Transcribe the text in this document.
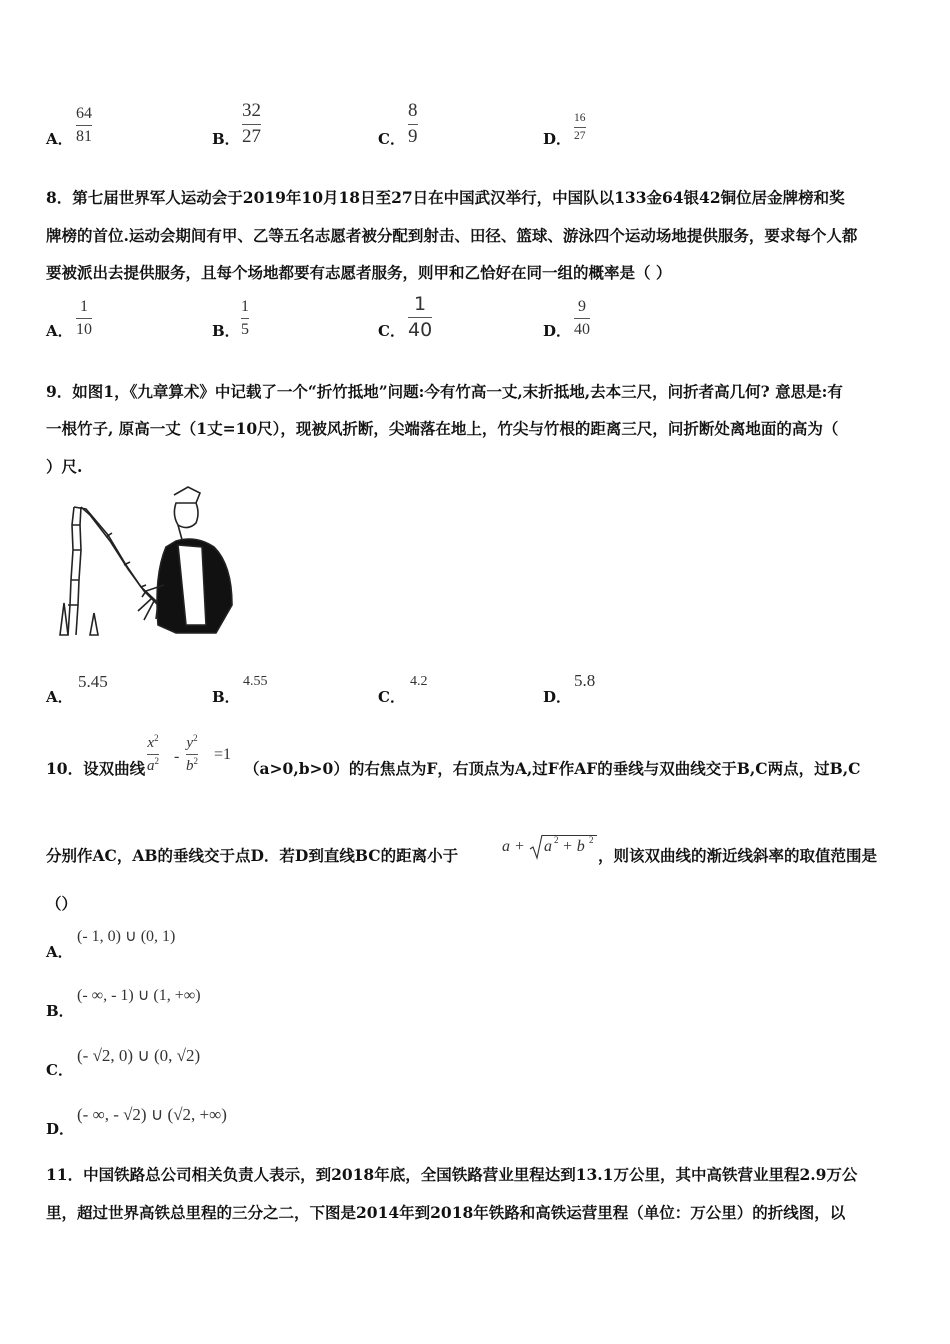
A．
64
81	B．
32
27	C．
8
9	D．
16
27
8．第七届世界军人运动会于2019年10月18日至27日在中国武汉举行，中国队以133金64银42铜位居金牌榜和奖
牌榜的首位.运动会期间有甲、乙等五名志愿者被分配到射击、田径、篮球、游泳四个运动场地提供服务，要求每个人都
要被派出去提供服务，且每个场地都要有志愿者服务，则甲和乙恰好在同一组的概率是（ ）
A．
1
10	B．
1
5	C．
1
40	D．
9
40
9．如图1，《九章算术》中记载了一个“折竹抵地”问题:今有竹高一丈,末折抵地,去本三尺，问折者高几何? 意思是:有
一根竹子, 原高一丈（1丈=10尺），现被风折断，尖端落在地上，竹尖与竹根的距离三尺，问折断处离地面的高为（
）尺.
A．
5.45
B．
4.55
C．
4.2
D．
5.8
10．设双曲线
$x^2$
$a^2$ -
$y^2$
$b^2 =1$
（a>0,b>0）的右焦点为F，右顶点为A,过F作AF的垂线与双曲线交于B,C两点，过B,C
分别作AC，AB的垂线交于点D．若D到直线BC的距离小于	a + a 2 + b 2
，则该双曲线的渐近线斜率的取值范围是
（）
A．
(- 1, 0) ∪ (0, 1)
B．
(- ∞, - 1) ∪ (1, +∞)
C．
(- √2, 0) ∪ (0, √2)
D．
(- ∞, - √2) ∪ (√2, +∞)
11．中国铁路总公司相关负责人表示，到2018年底，全国铁路营业里程达到13.1万公里，其中高铁营业里程2.9万公
里，超过世界高铁总里程的三分之二，下图是2014年到2018年铁路和高铁运营里程（单位：万公里）的折线图，以
